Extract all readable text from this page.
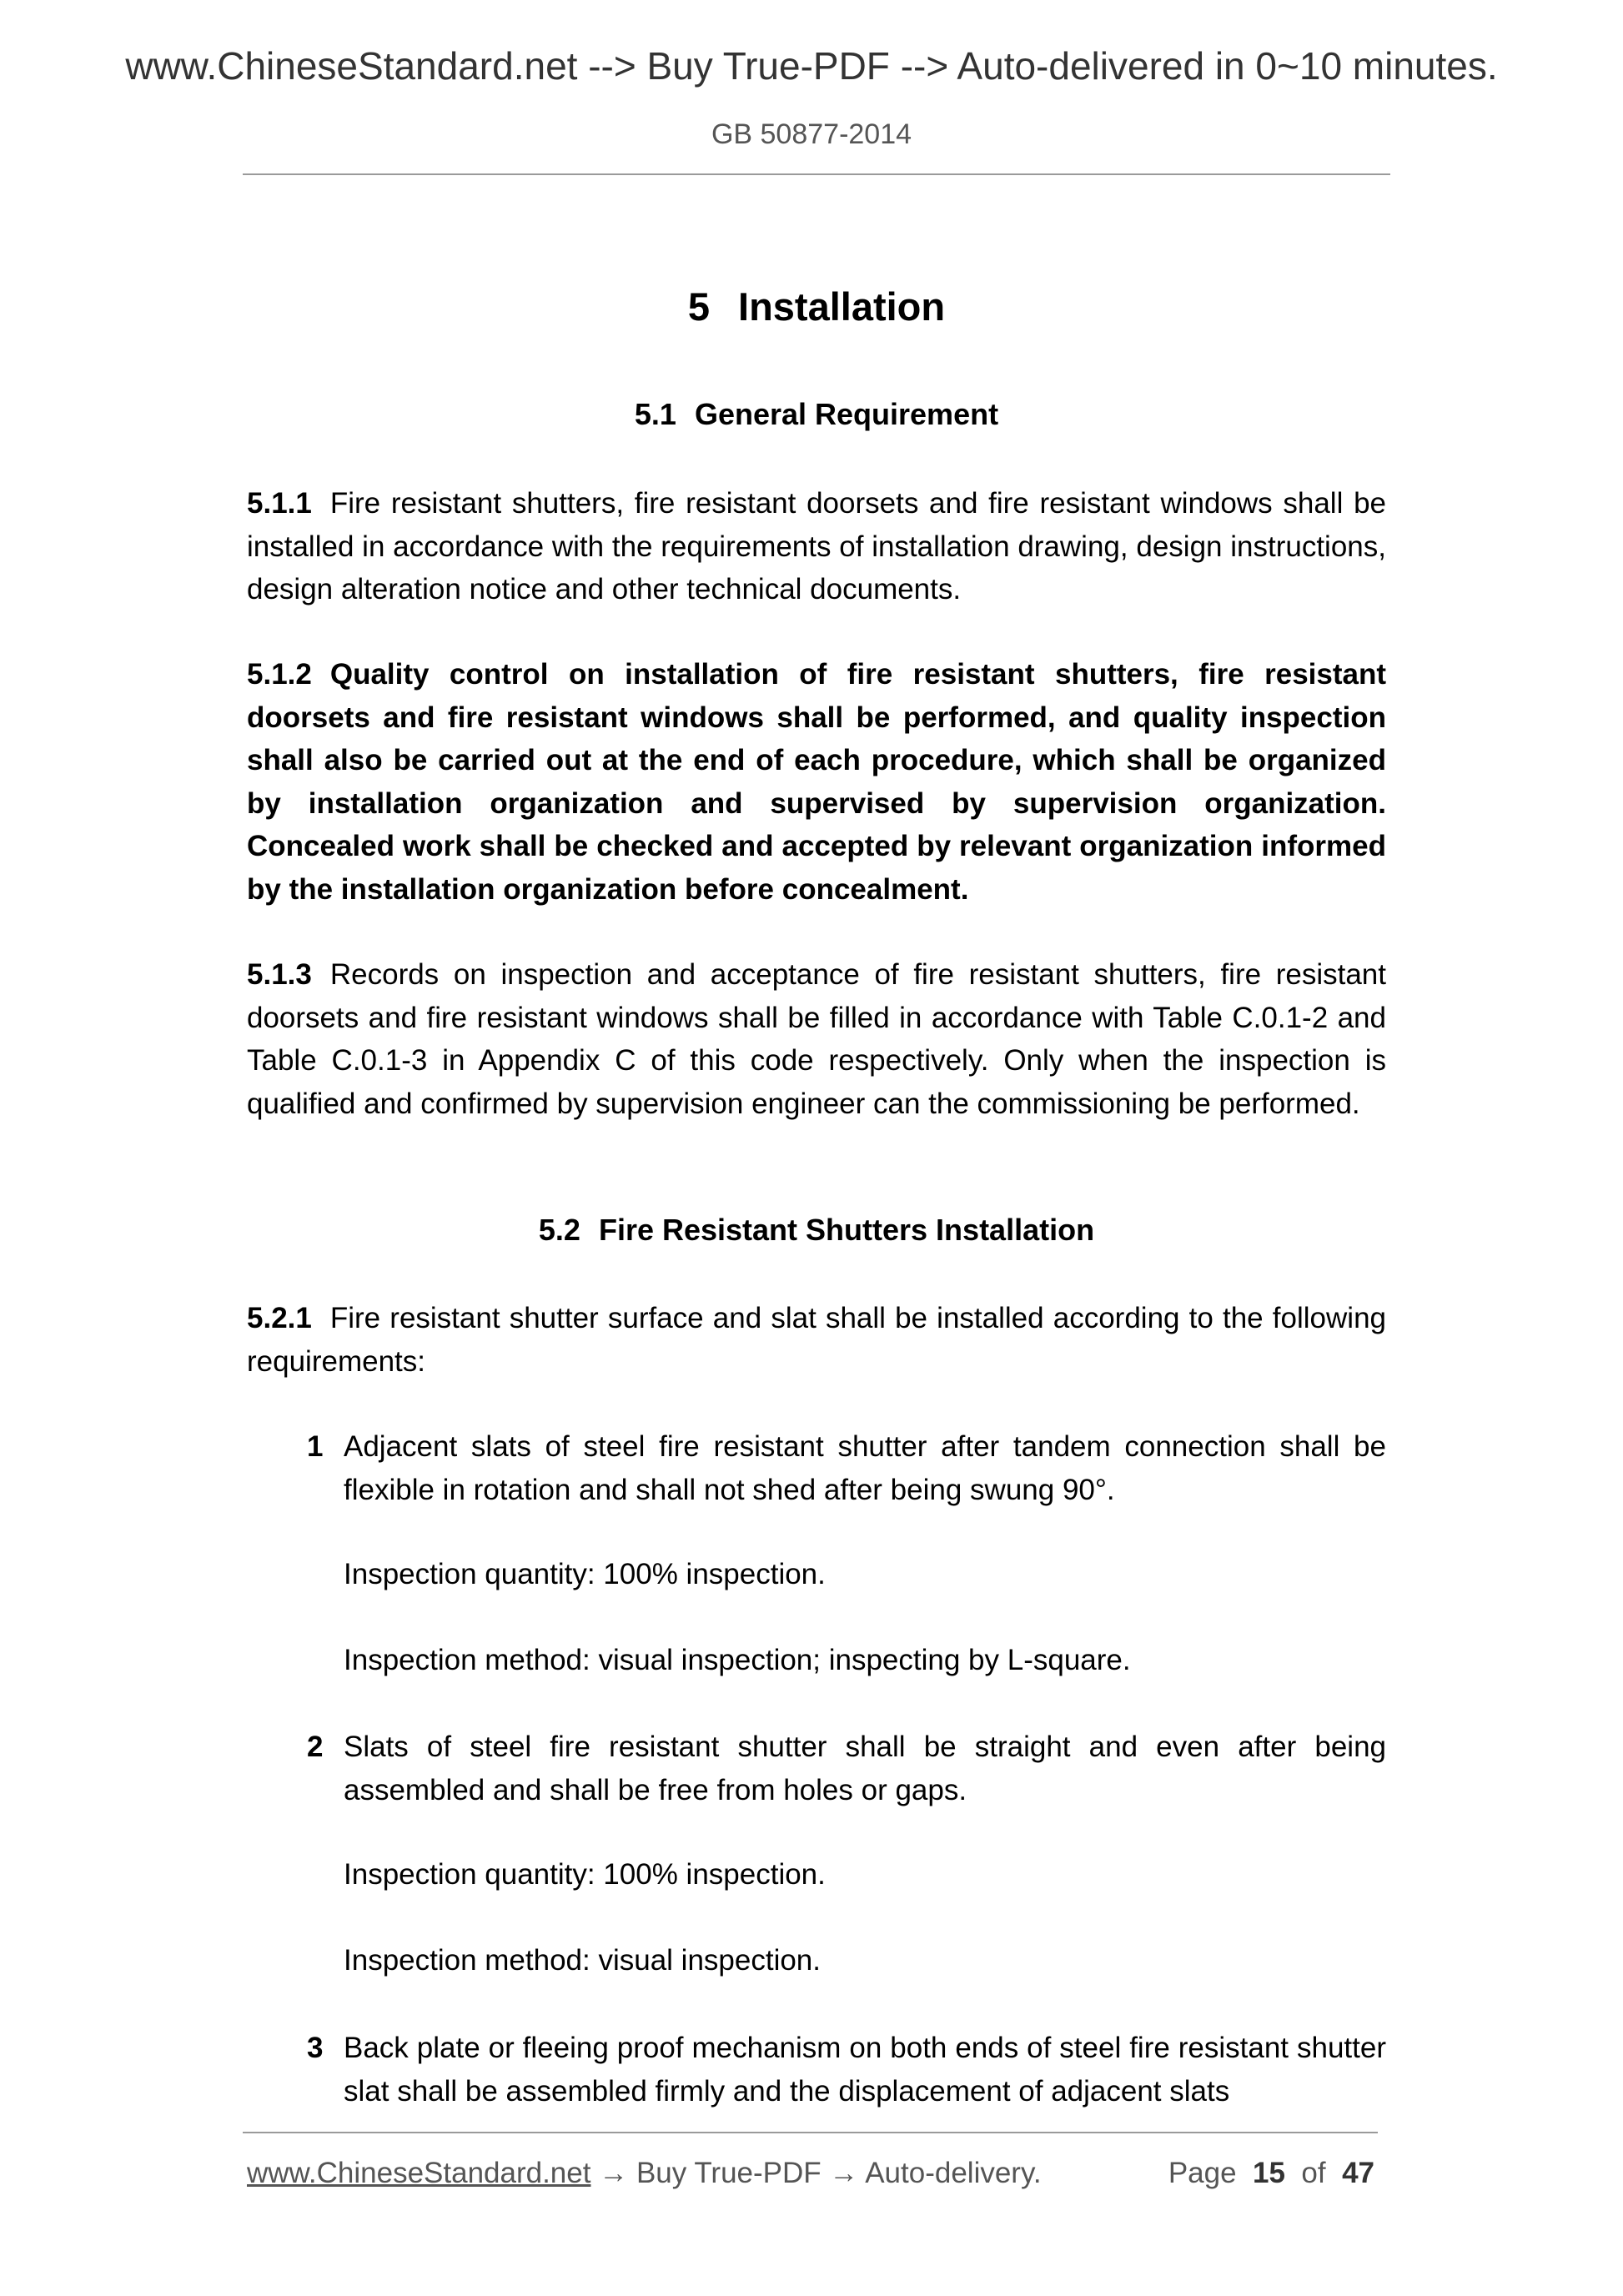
www.ChineseStandard.net --> Buy True-PDF --> Auto-delivered in 0~10 minutes.
GB 50877-2014
5 Installation
5.1 General Requirement
5.1.1 Fire resistant shutters, fire resistant doorsets and fire resistant windows shall be installed in accordance with the requirements of installation drawing, design instructions, design alteration notice and other technical documents.
5.1.2 Quality control on installation of fire resistant shutters, fire resistant doorsets and fire resistant windows shall be performed, and quality inspection shall also be carried out at the end of each procedure, which shall be organized by installation organization and supervised by supervision organization. Concealed work shall be checked and accepted by relevant organization informed by the installation organization before concealment.
5.1.3 Records on inspection and acceptance of fire resistant shutters, fire resistant doorsets and fire resistant windows shall be filled in accordance with Table C.0.1-2 and Table C.0.1-3 in Appendix C of this code respectively. Only when the inspection is qualified and confirmed by supervision engineer can the commissioning be performed.
5.2 Fire Resistant Shutters Installation
5.2.1 Fire resistant shutter surface and slat shall be installed according to the following requirements:
1 Adjacent slats of steel fire resistant shutter after tandem connection shall be flexible in rotation and shall not shed after being swung 90°.
Inspection quantity: 100% inspection.
Inspection method: visual inspection; inspecting by L-square.
2 Slats of steel fire resistant shutter shall be straight and even after being assembled and shall be free from holes or gaps.
Inspection quantity: 100% inspection.
Inspection method: visual inspection.
3 Back plate or fleeing proof mechanism on both ends of steel fire resistant shutter slat shall be assembled firmly and the displacement of adjacent slats
www.ChineseStandard.net → Buy True-PDF → Auto-delivery.	Page 15 of 47
